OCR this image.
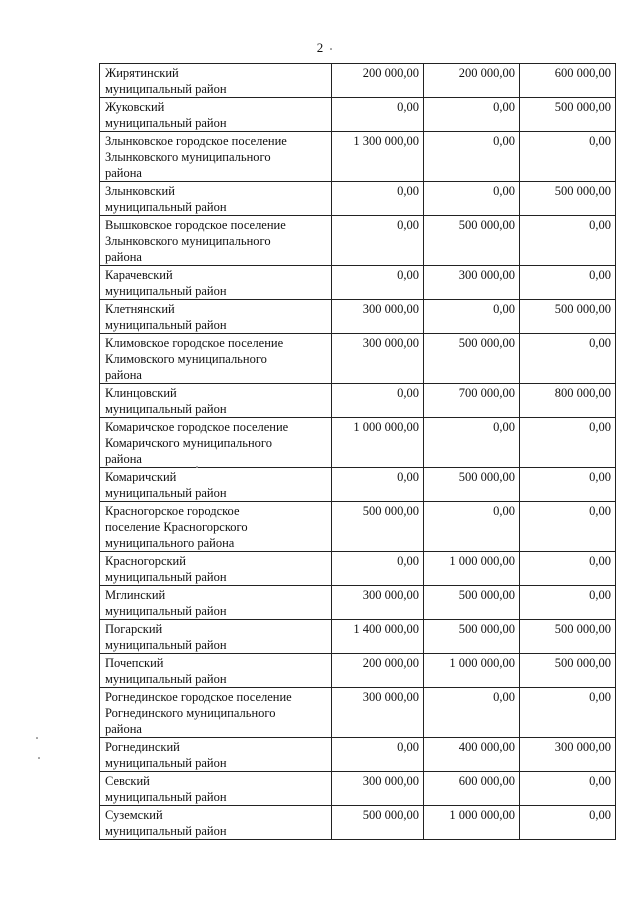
2
Жирятинский
муниципальный район	200 000,00	200 000,00	600 000,00

Жуковский
муниципальный район	0,00	0,00	500 000,00

Злынковское городское поселение
Злынковского муниципального
района	1 300 000,00	0,00	0,00

Злынковский
муниципальный район	0,00	0,00	500 000,00

Вышковское городское поселение
Злынковского муниципального
района	0,00	500 000,00	0,00

Карачевский
муниципальный район	0,00	300 000,00	0,00

Клетнянский
муниципальный район	300 000,00	0,00	500 000,00

Климовское городское поселение
Климовского муниципального
района	300 000,00	500 000,00	0,00

Клинцовский
муниципальный район	0,00	700 000,00	800 000,00

Комаричское городское поселение
Комаричского муниципального
района	1 000 000,00	0,00	0,00

Комаричский
муниципальный район	0,00	500 000,00	0,00

Красногорское городское
поселение Красногорского
муниципального района	500 000,00	0,00	0,00

Красногорский
муниципальный район	0,00	1 000 000,00	0,00

Мглинский
муниципальный район	300 000,00	500 000,00	0,00

Погарский
муниципальный район	1 400 000,00	500 000,00	500 000,00

Почепский
муниципальный район	200 000,00	1 000 000,00	500 000,00

Рогнединское городское поселение
Рогнединского муниципального
района	300 000,00	0,00	0,00

Рогнединский
муниципальный район	0,00	400 000,00	300 000,00

Севский
муниципальный район	300 000,00	600 000,00	0,00

Суземский
муниципальный район	500 000,00	1 000 000,00	0,00
